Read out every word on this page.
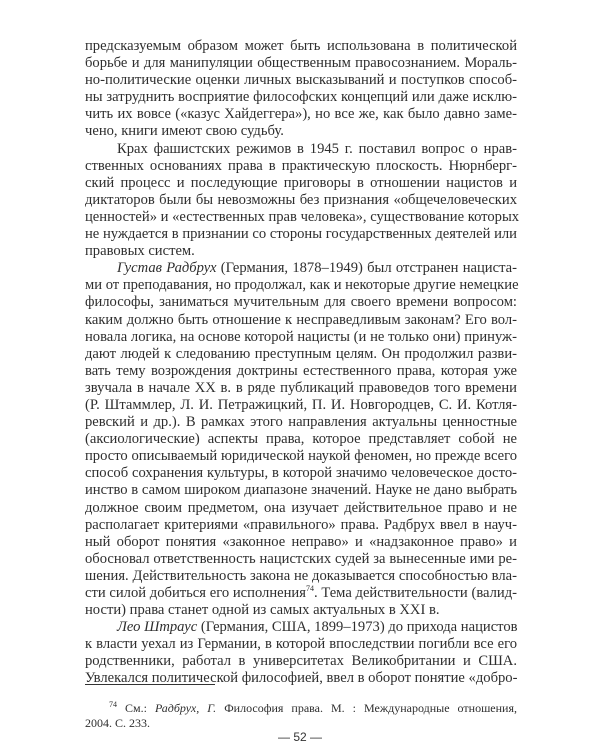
предсказуемым образом может быть использована в политической
борьбе и для манипуляции общественным правосознанием. Мораль-
но-политические оценки личных высказываний и поступков способ-
ны затруднить восприятие философских концепций или даже исклю-
чить их вовсе («казус Хайдеггера»), но все же, как было давно заме-
чено, книги имеют свою судьбу.
Крах фашистских режимов в 1945 г. поставил вопрос о нрав-
ственных основаниях права в практическую плоскость. Нюрнберг-
ский процесс и последующие приговоры в отношении нацистов и
диктаторов были бы невозможны без признания «общечеловеческих
ценностей» и «естественных прав человека», существование которых
не нуждается в признании со стороны государственных деятелей или
правовых систем.
Густав Радбрух (Германия, 1878–1949) был отстранен нациста-
ми от преподавания, но продолжал, как и некоторые другие немецкие
философы, заниматься мучительным для своего времени вопросом:
каким должно быть отношение к несправедливым законам? Его вол-
новала логика, на основе которой нацисты (и не только они) принуж-
дают людей к следованию преступным целям. Он продолжил разви-
вать тему возрождения доктрины естественного права, которая уже
звучала в начале XX в. в ряде публикаций правоведов того времени
(Р. Штаммлер, Л. И. Петражицкий, П. И. Новгородцев, С. И. Котля-
ревский и др.). В рамках этого направления актуальны ценностные
(аксиологические) аспекты права, которое представляет собой не
просто описываемый юридической наукой феномен, но прежде всего
способ сохранения культуры, в которой значимо человеческое досто-
инство в самом широком диапазоне значений. Науке не дано выбрать
должное своим предметом, она изучает действительное право и не
располагает критериями «правильного» права. Радбрух ввел в науч-
ный оборот понятия «законное неправо» и «надзаконное право» и
обосновал ответственность нацистских судей за вынесенные ими ре-
шения. Действительность закона не доказывается способностью вла-
сти силой добиться его исполнения$^{74}$. Тема действительности (валид-
ности) права станет одной из самых актуальных в XXI в.
Лео Штраус (Германия, США, 1899–1973) до прихода нацистов
к власти уехал из Германии, в которой впоследствии погибли все его
родственники, работал в университетах Великобритании и США.
Увлекался политической философией, ввел в оборот понятие «добро-
$^{74}$ См.: Радбрух, Г. Философия права. М. : Международные отношения,
2004. С. 233.
— 52 —
